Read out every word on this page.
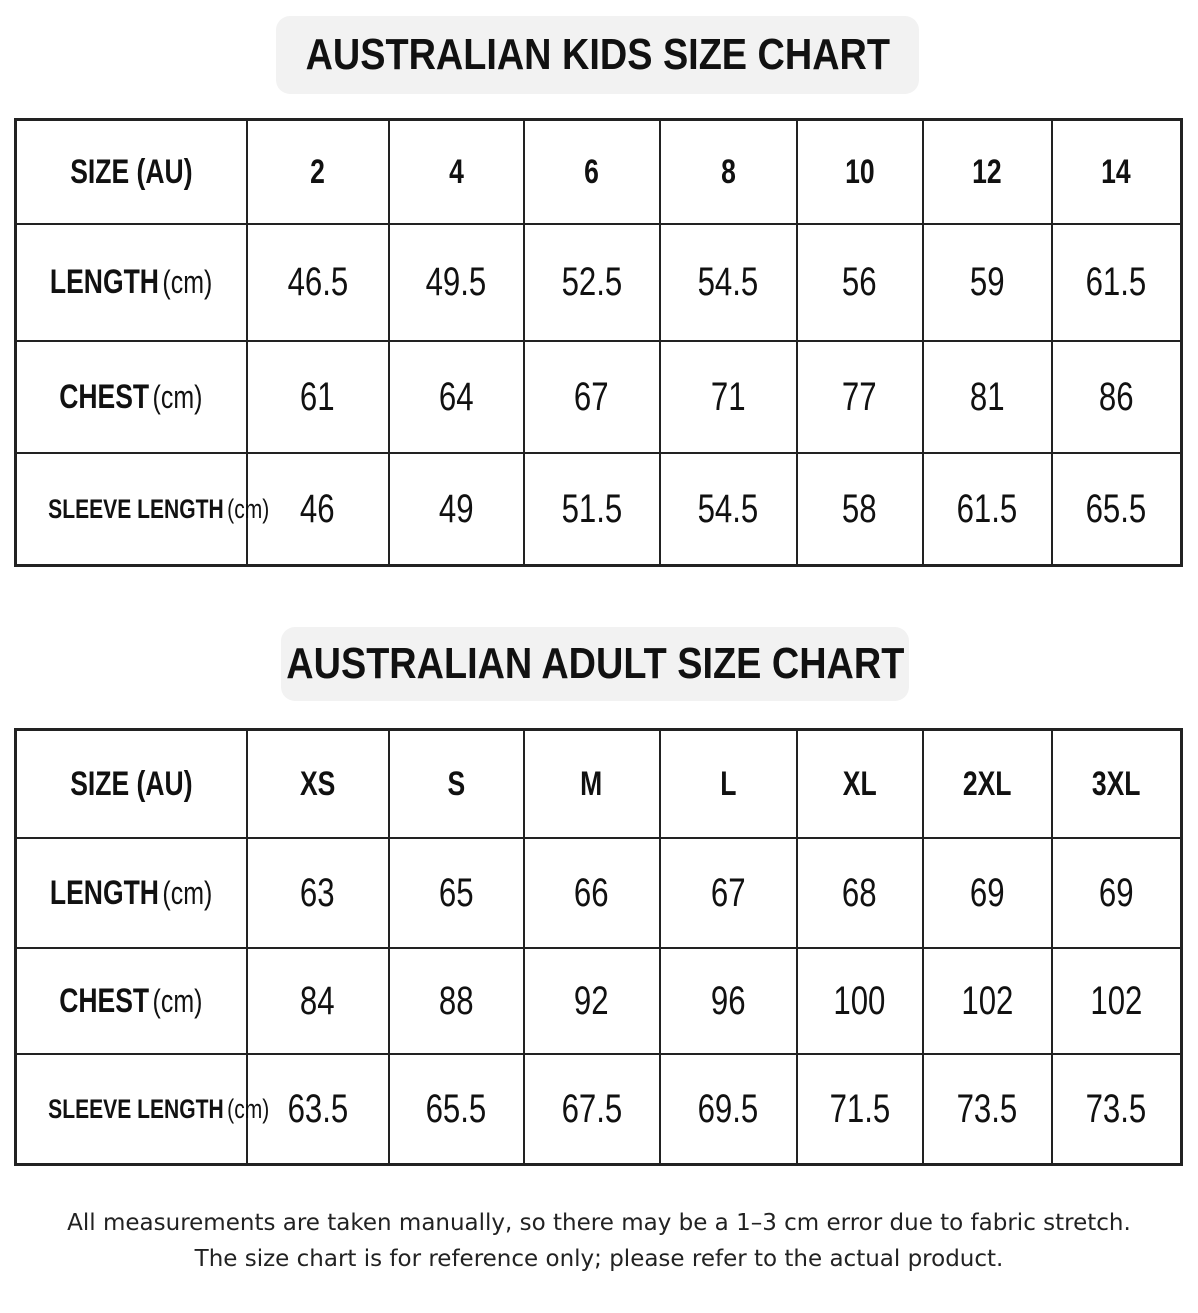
AUSTRALIAN KIDS SIZE CHART
SIZE (AU)	2	4	6	8	10	12	14
LENGTH (cm)	46.5	49.5	52.5	54.5	56	59	61.5
CHEST (cm)	61	64	67	71	77	81	86
SLEEVE LENGTH (cm)	46	49	51.5	54.5	58	61.5	65.5
AUSTRALIAN ADULT SIZE CHART
SIZE (AU)	XS	S	M	L	XL	2XL	3XL
LENGTH (cm)	63	65	66	67	68	69	69
CHEST (cm)	84	88	92	96	100	102	102
SLEEVE LENGTH (cm)	63.5	65.5	67.5	69.5	71.5	73.5	73.5
All measurements are taken manually, so there may be a 1–3 cm error due to fabric stretch.
The size chart is for reference only; please refer to the actual product.
